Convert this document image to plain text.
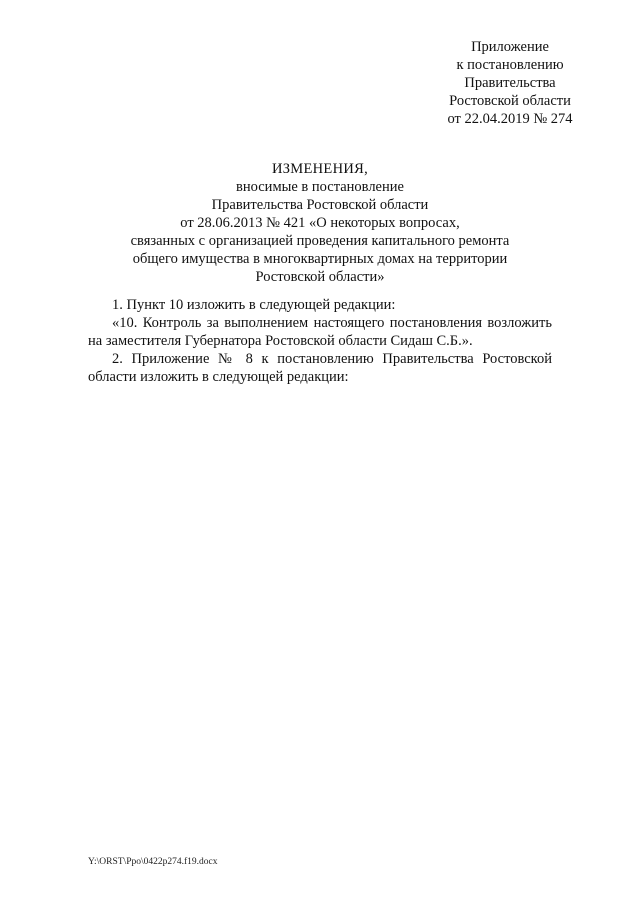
Приложение
к постановлению
Правительства
Ростовской области
от 22.04.2019 № 274
ИЗМЕНЕНИЯ,
вносимые в постановление
Правительства Ростовской области
от 28.06.2013 № 421 «О некоторых вопросах,
связанных с организацией проведения капитального ремонта
общего имущества в многоквартирных домах на территории
Ростовской области»

1. Пункт 10 изложить в следующей редакции:

«10. Контроль за выполнением настоящего постановления возложить на заместителя Губернатора Ростовской области Сидаш С.Б.».

2. Приложение № 8 к постановлению Правительства Ростовской области изложить в следующей редакции:

Y:\ORST\Ppo\0422p274.f19.docx
